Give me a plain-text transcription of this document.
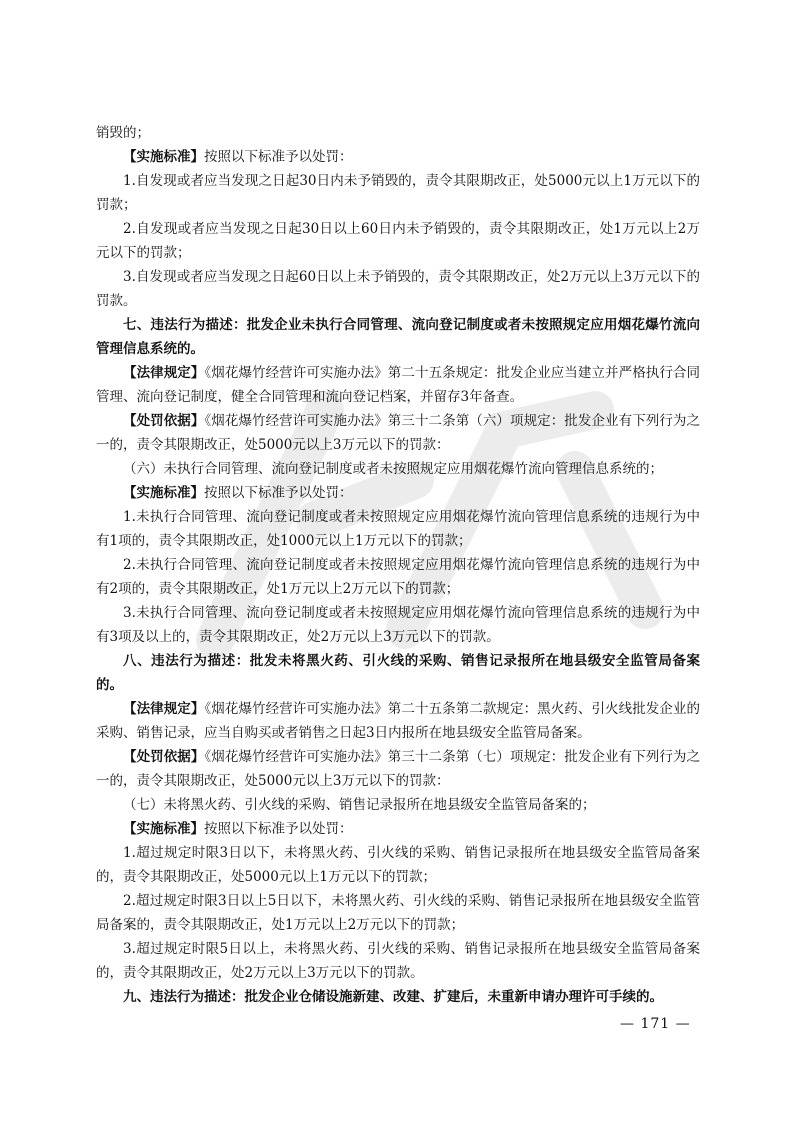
销毁的；

【实施标准】按照以下标准予以处罚：

1.自发现或者应当发现之日起30日内未予销毁的，责令其限期改正，处5000元以上1万元以下的罚款；

2.自发现或者应当发现之日起30日以上60日内未予销毁的，责令其限期改正，处1万元以上2万元以下的罚款；

3.自发现或者应当发现之日起60日以上未予销毁的，责令其限期改正，处2万元以上3万元以下的罚款。

七、违法行为描述：批发企业未执行合同管理、流向登记制度或者未按照规定应用烟花爆竹流向管理信息系统的。

【法律规定】《烟花爆竹经营许可实施办法》第二十五条规定：批发企业应当建立并严格执行合同管理、流向登记制度，健全合同管理和流向登记档案，并留存3年备查。

【处罚依据】《烟花爆竹经营许可实施办法》第三十二条第（六）项规定：批发企业有下列行为之一的，责令其限期改正，处5000元以上3万元以下的罚款：

（六）未执行合同管理、流向登记制度或者未按照规定应用烟花爆竹流向管理信息系统的；

【实施标准】按照以下标准予以处罚：

1.未执行合同管理、流向登记制度或者未按照规定应用烟花爆竹流向管理信息系统的违规行为中有1项的，责令其限期改正，处1000元以上1万元以下的罚款；

2.未执行合同管理、流向登记制度或者未按照规定应用烟花爆竹流向管理信息系统的违规行为中有2项的，责令其限期改正，处1万元以上2万元以下的罚款；

3.未执行合同管理、流向登记制度或者未按照规定应用烟花爆竹流向管理信息系统的违规行为中有3项及以上的，责令其限期改正，处2万元以上3万元以下的罚款。

八、违法行为描述：批发未将黑火药、引火线的采购、销售记录报所在地县级安全监管局备案的。

【法律规定】《烟花爆竹经营许可实施办法》第二十五条第二款规定：黑火药、引火线批发企业的采购、销售记录，应当自购买或者销售之日起3日内报所在地县级安全监管局备案。

【处罚依据】《烟花爆竹经营许可实施办法》第三十二条第（七）项规定：批发企业有下列行为之一的，责令其限期改正，处5000元以上3万元以下的罚款：

（七）未将黑火药、引火线的采购、销售记录报所在地县级安全监管局备案的；

【实施标准】按照以下标准予以处罚：

1.超过规定时限3日以下，未将黑火药、引火线的采购、销售记录报所在地县级安全监管局备案的，责令其限期改正，处5000元以上1万元以下的罚款；

2.超过规定时限3日以上5日以下，未将黑火药、引火线的采购、销售记录报所在地县级安全监管局备案的，责令其限期改正，处1万元以上2万元以下的罚款；

3.超过规定时限5日以上，未将黑火药、引火线的采购、销售记录报所在地县级安全监管局备案的，责令其限期改正，处2万元以上3万元以下的罚款。

九、违法行为描述：批发企业仓储设施新建、改建、扩建后，未重新申请办理许可手续的。

— 171 —
